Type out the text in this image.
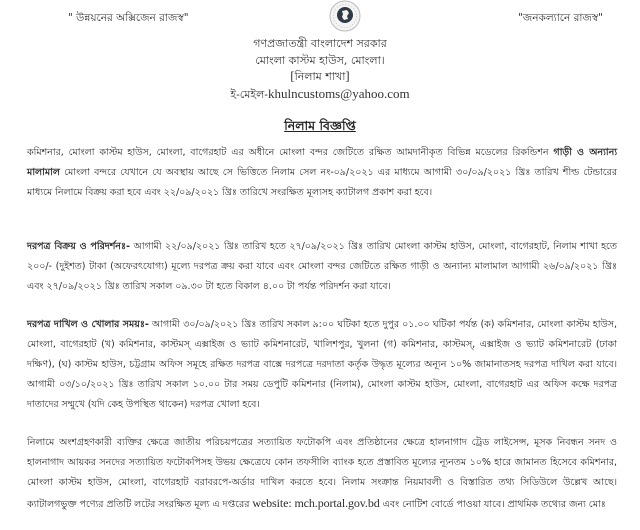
" উন্নয়নের অক্সিজেন রাজস্ব"	"জনকল্যানে রাজস্ব"
গণপ্রজাতন্ত্রী বাংলাদেশ সরকার
মোংলা কাস্টম হাউস, মোংলা।
[নিলাম শাখা]
ই-মেইল-khulncustoms@yahoo.com
নিলাম বিজ্ঞপ্তি
কমিশনার, মোংলা কাস্টম হাউস, মোংলা, বাগেরহাট এর অধীনে মোংলা বন্দর জেটিতে রক্ষিত আমদানীকৃত বিভিন্ন মডেলের রিকন্ডিশন গাড়ী ও অন্যান্য মালামাল মোংলা বন্দরে যেখানে যে অবস্থায় আছে সে ভিত্তিতে নিলাম সেল নং-০৯/২০২১ এর মাধ্যমে আগামী ৩০/০৯/২০২১ খ্রিঃ তারিখ শীল্ড টেন্ডারের মাধ্যমে নিলামে বিক্রয় করা হবে এবং ২২/০৯/২০২১ খ্রিঃ তারিখে সংরক্ষিত মূল্যসহ ক্যাটালগ প্রকাশ করা হবে।
দরপত্র বিক্রয় ও পরিদর্শনঃ- আগামী ২২/০৯/২০২১ খ্রিঃ তারিখ হতে ২৭/০৯/২০২১ খ্রিঃ তারিখ মোংলা কাস্টম হাউস, মোংলা, বাগেরহাট, নিলাম শাখা হতে ২০০/- (দুইশত) টাকা (অফেরৎযোগ্য) মূল্যে দরপত্র ক্রয় করা যাবে এবং মোংলা বন্দর জেটিতে রক্ষিত গাড়ী ও অন্যান্য মালামাল আগামী ২৬/০৯/২০২১ খ্রিঃ এবং ২৭/০৯/২০২১ খ্রিঃ তারিখ সকাল ০৯.৩০ টা হতে বিকাল ৪.০০ টা পর্যন্ত পরিদর্শন করা যাবে।
দরপত্র দাখিল ও খোলার সময়ঃ- আগামী ৩০/০৯/২০২১ খ্রিঃ তারিখ সকাল ৯:০০ ঘটিকা হতে দুপুর ০১.০০ ঘটিকা পর্যন্ত (ক) কমিশনার, মোংলা কাস্টম হাউস, মোংলা, বাগেরহাট (খ) কমিশনার, কাস্টমস্ এক্সাইজ ও ভ্যাট কমিশনারেট, খালিশপুর, খুলনা (গ) কমিশনার, কাস্টমস্, এক্সাইজ ও ভ্যাট কমিশনারেট (ঢাকা দক্ষিণ), (ঘ) কাস্টম হাউস, চট্টগ্রাম অফিস সমূহে রক্ষিত দরপত্র বাক্সে দরপত্রে দরদাতা কর্তৃক উদ্ধৃত মূল্যের অন্যূন ১০% জামানাতসহ দরপত্র দাখিল করা যাবে। আগামী ০৩/১০/২০২১ খ্রিঃ তারিখ সকাল ১০.০০ টার সময় ডেপুটি কমিশনার (নিলাম), মোংলা কাস্টম হাউস, মোংলা, বাগেরহাট এর অফিস কক্ষে দরপত্র দাতাদের সম্মুখে (যদি কেহ উপস্থিত থাকেন) দরপত্র খোলা হবে।
নিলামে অংশগ্রহণকারী ব্যক্তির ক্ষেত্রে জাতীয় পরিচয়পত্রের সত্যায়িত ফটোকপি এবং প্রতিষ্ঠানের ক্ষেত্রে হালনাগাদ ট্রেড লাইসেন্স, মূসক নিবন্ধন সনদ ও হালনাগাদ আয়কর সনদের সত্যায়িত ফটোকপিসহ উভয় ক্ষেত্রেযে কোন তফসীলি ব্যাংক হতে প্রস্তাবিত মূল্যের ন্যূনতম ১০% হারে জামানত হিসেবে কমিশনার, মোংলা কাস্টম হাউস, মোংলা, বাগেরহাট বরাবরপে-অর্ডার দাখিল করতে হবে। নিলাম সংক্রান্ত নিয়মাবলী ও বিস্তারিত তথ্য সিডিউলে উল্লেখ আছে। ক্যাটালগভুক্ত পণ্যের প্রতিটি লটের সংরক্ষিত মূল্য এ দপ্তরের website: mch.portal.gov.bd এবং নোটিশ বোর্ডে পাওয়া যাবে। প্রাথমিক তথ্যের জন্য মোঃ
